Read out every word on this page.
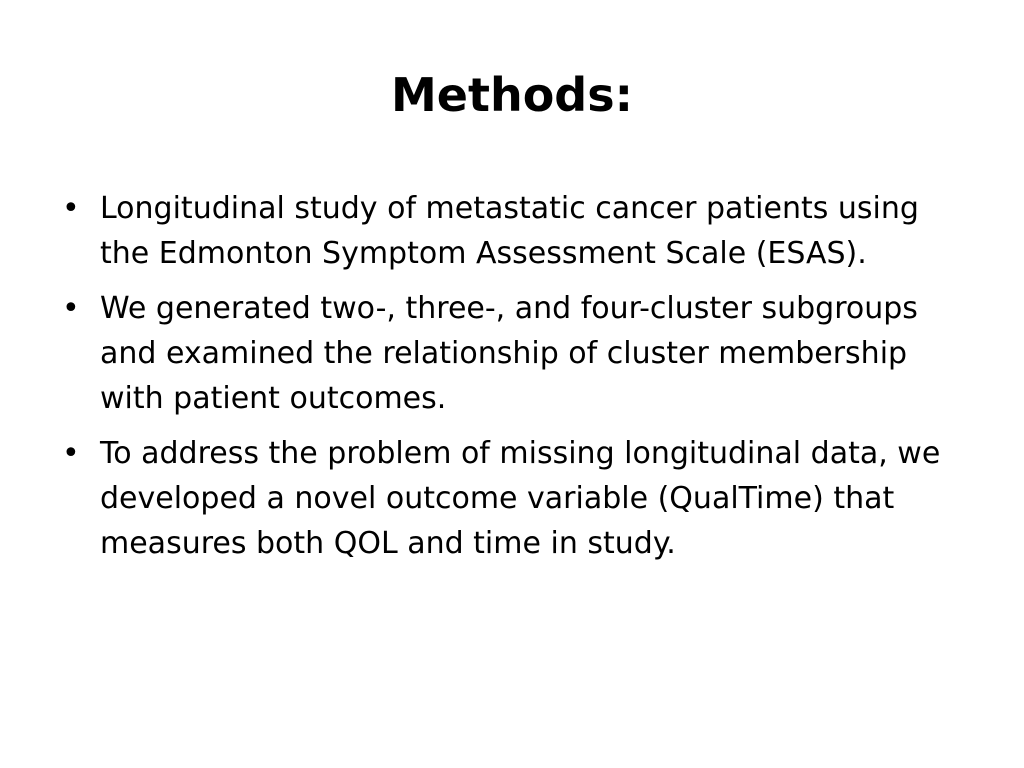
Methods:
• Longitudinal study of metastatic cancer patients using the Edmonton Symptom Assessment Scale (ESAS).
• We generated two-, three-, and four-cluster subgroups and examined the relationship of cluster membership with patient outcomes.
• To address the problem of missing longitudinal data, we developed a novel outcome variable (QualTime) that measures both QOL and time in study.
